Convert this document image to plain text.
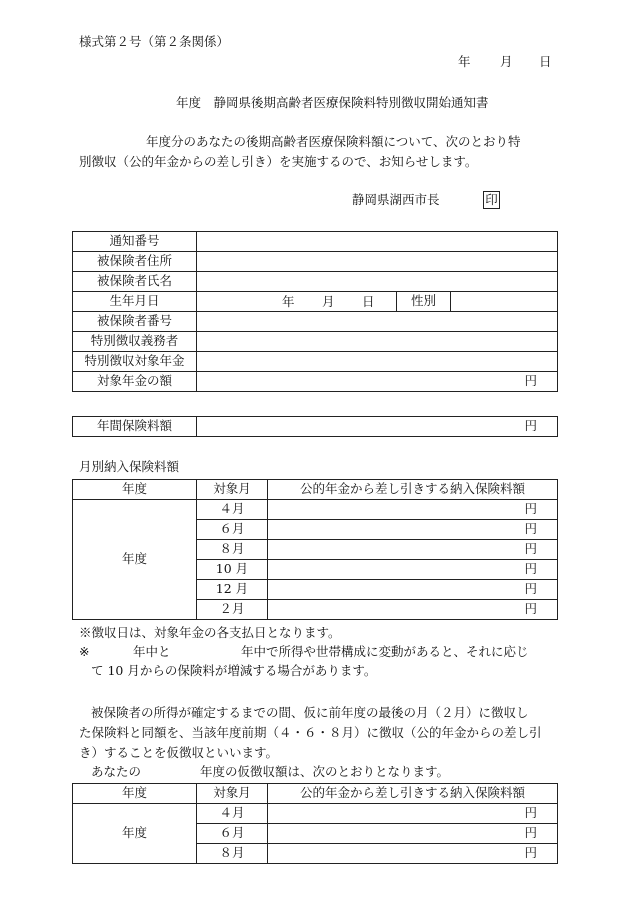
様式第２号（第２条関係）
年 月 日
年度　静岡県後期高齢者医療保険料特別徴収開始通知書
年度分のあなたの後期高齢者医療保険料額について、次のとおり特
別徴収（公的年金からの差し引き）を実施するので、お知らせします。
静岡県湖西市長	印
通知番号			
被保険者住所			
被保険者氏名			
生年月日	年 月 日	性別	
被保険者番号			
特別徴収義務者			
特別徴収対象年金			
対象年金の額	円		
年間保険料額	円
月別納入保険料額
年度	対象月	公的年金から差し引きする納入保険料額
年度	４月	円
	６月	円
	８月	円
	10 月	円
	12 月	円
	２月	円
※徴収日は、対象年金の各支払日となります。
※	年中と	年中で所得や世帯構成に変動があると、それに応じ
て 10 月からの保険料が増減する場合があります。
被保険者の所得が確定するまでの間、仮に前年度の最後の月（２月）に徴収し
た保険料と同額を、当該年度前期（４・６・８月）に徴収（公的年金からの差し引
き）することを仮徴収といいます。
あなたの	年度の仮徴収額は、次のとおりとなります。
年度	対象月	公的年金から差し引きする納入保険料額
年度	４月	円
	６月	円
	８月	円
